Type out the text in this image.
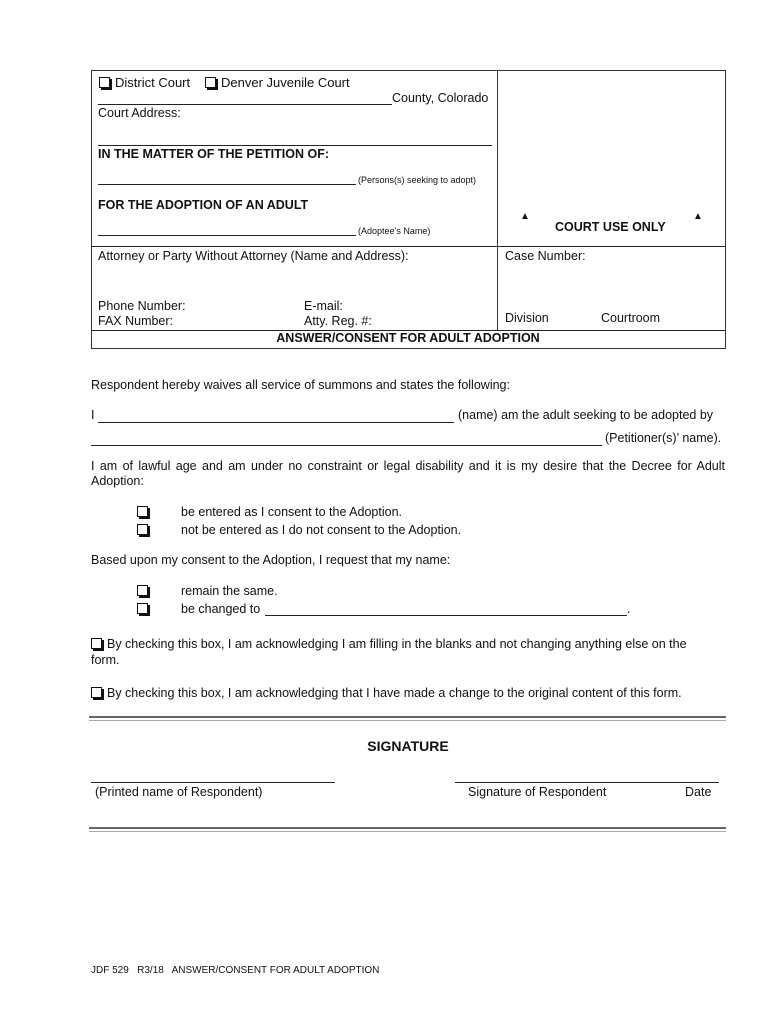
District Court	Denver Juvenile Court
County, Colorado
Court Address:
IN THE MATTER OF THE PETITION OF:
(Persons(s) seeking to adopt)
FOR THE ADOPTION OF AN ADULT
(Adoptee’s Name)
▲
COURT USE ONLY
▲
Attorney or Party Without Attorney (Name and Address):	Case Number:
Phone Number:	E-mail:
FAX Number:	Atty. Reg. #:	Division	Courtroom
ANSWER/CONSENT FOR ADULT ADOPTION
Respondent hereby waives all service of summons and states the following:
I	(name) am the adult seeking to be adopted by
(Petitioner(s)’ name).
I am of lawful age and am under no constraint or legal disability and it is my desire that the Decree for Adult Adoption:
be entered as I consent to the Adoption.
not be entered as I do not consent to the Adoption.
Based upon my consent to the Adoption, I request that my name:
remain the same.
be changed to	.
By checking this box, I am acknowledging I am filling in the blanks and not changing anything else on the form.
By checking this box, I am acknowledging that I have made a change to the original content of this form.
SIGNATURE
(Printed name of Respondent)	Signature of Respondent	Date
JDF 529   R3/18   ANSWER/CONSENT FOR ADULT ADOPTION
